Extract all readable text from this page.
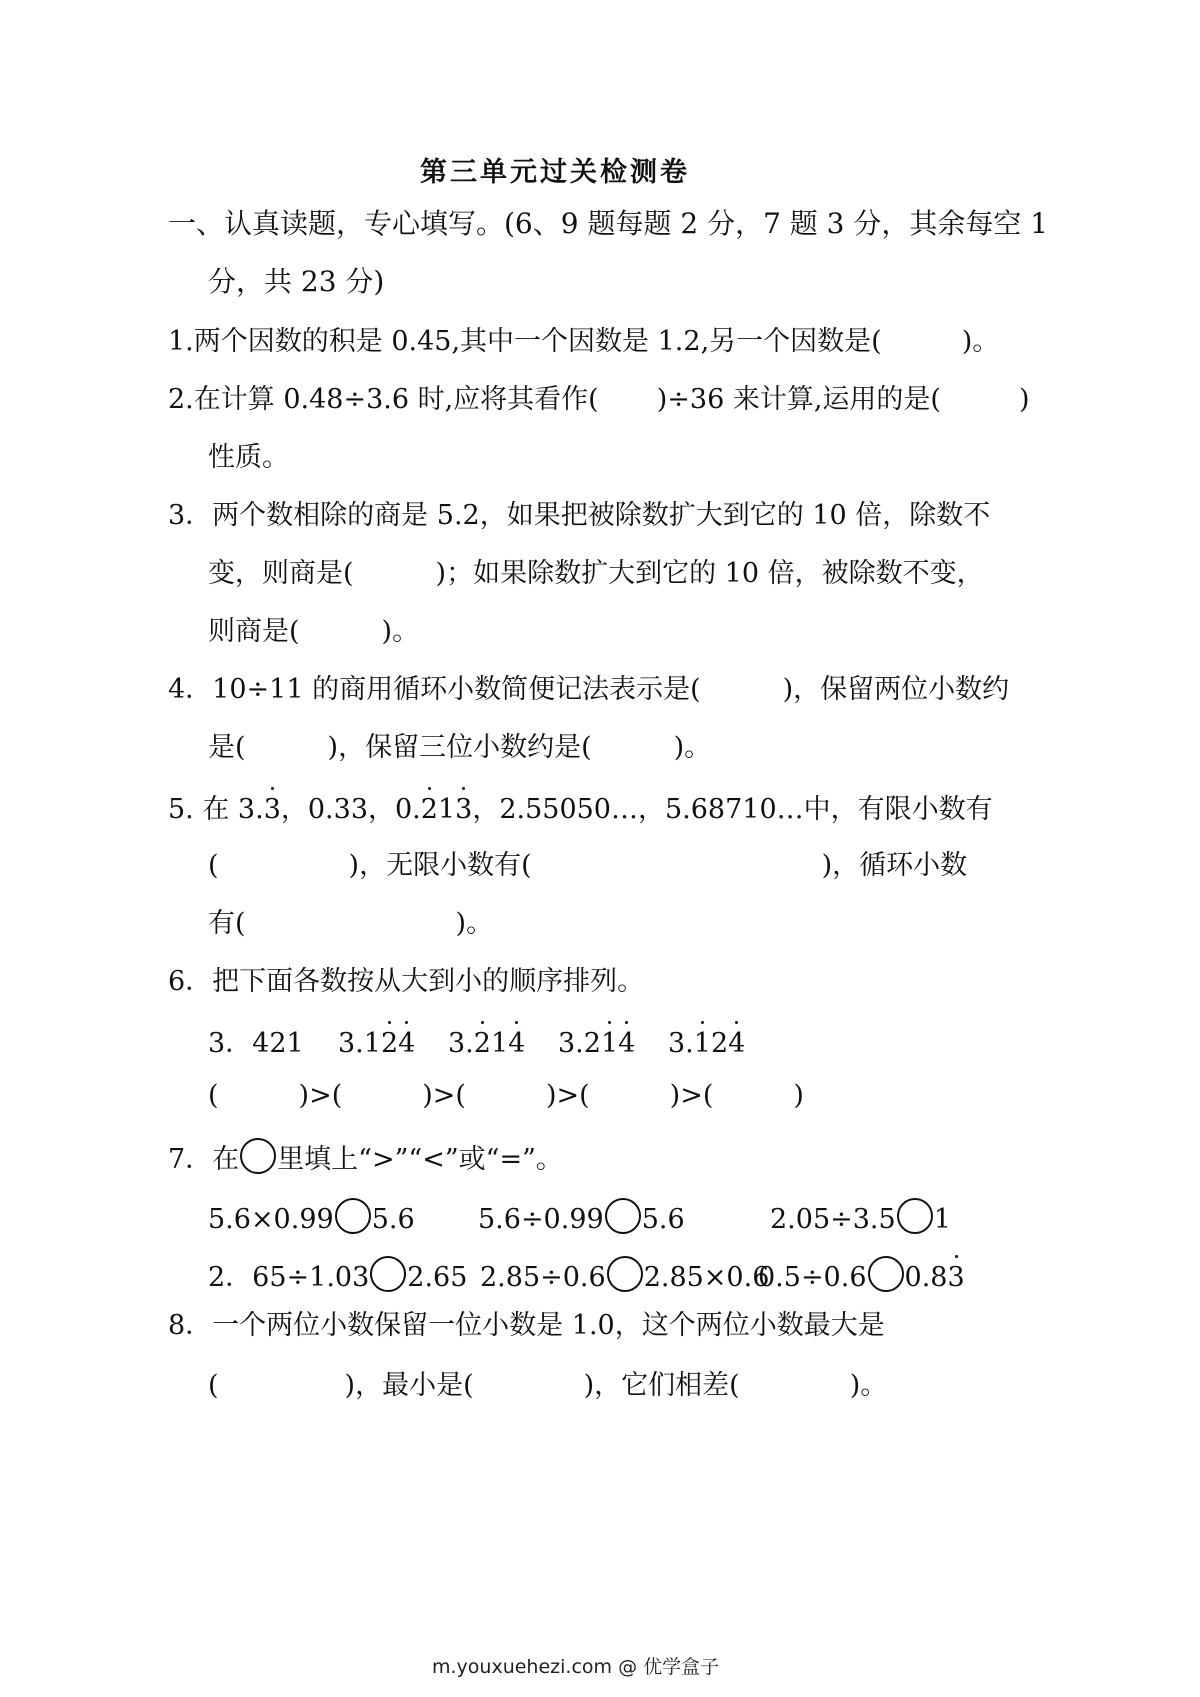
第三单元过关检测卷
一、认真读题，专心填写。(6、9 题每题 2 分，7 题 3 分，其余每空 1
分，共 23 分)
1.两个因数的积是 0.45,其中一个因数是 1.2,另一个因数是(	)。
2.在计算 0.48÷3.6 时,应将其看作( )÷36 来计算,运用的是(	)
性质。
3．两个数相除的商是 5.2，如果把被除数扩大到它的 10 倍，除数不
变，则商是(	)；如果除数扩大到它的 10 倍，被除数不变，
则商是(	)。
4．10÷11 的商用循环小数简便记法表示是(	)，保留两位小数约
是(	)，保留三位小数约是(	)。
5. 在 3.3，0.33，0.213，2.55050…，5.68710…中，有限小数有
(	)，无限小数有(	)，循环小数
有(	)。
6．把下面各数按从大到小的顺序排列。
3．421 3.124 3.214 3.214 3.124
(	)>(	)>(	)>(	)>(	)
7．在 里填上“>”“<”或“=”。
5.6×0.99 5.6 5.6÷0.99 5.6	2.05÷3.5 1
2．65÷1.03 2.65 2.85÷0.6 2.85×0.6
0.5÷0.6 0.83
8．一个两位小数保留一位小数是 1.0，这个两位小数最大是
(	)，最小是(	)，它们相差(	)。
m.youxuehezi.com @ 优学盒子
